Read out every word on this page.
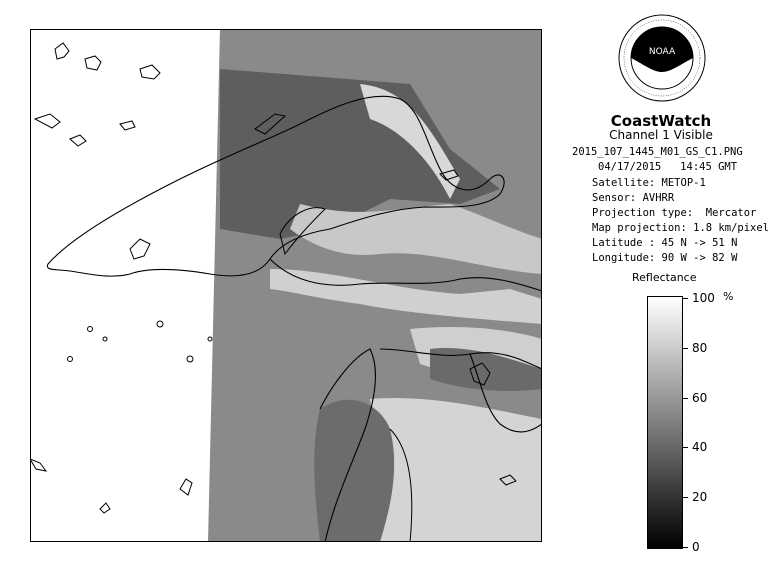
NOAA
CoastWatch
Channel 1 Visible
2015_107_1445_M01_GS_C1.PNG
04/17/2015   14:45 GMT
Satellite: METOP-1
Sensor: AVHRR
Projection type:  Mercator
Map projection: 1.8 km/pixel
Latitude : 45 N -> 51 N
Longitude: 90 W -> 82 W
Reflectance
%
100
80
60
40
20
0
